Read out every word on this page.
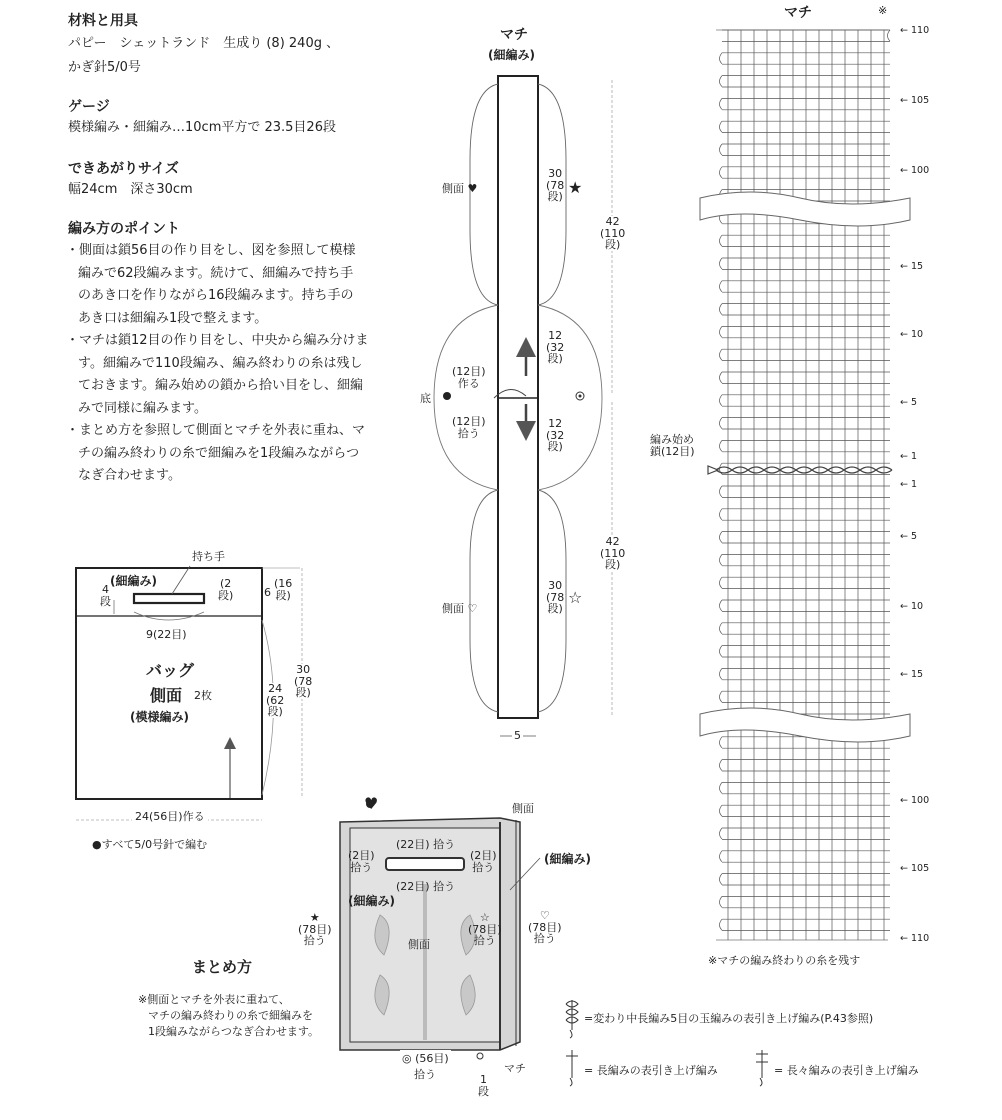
材料と用具
パピー　シェットランド　生成り (8) 240g 、
かぎ針5/0号
ゲージ
模様編み・細編み…10cm平方で 23.5目26段
できあがりサイズ
幅24cm　深さ30cm
編み方のポイント
・側面は鎖56目の作り目をし、図を参照して模様
編みで62段編みます。続けて、細編みで持ち手
のあき口を作りながら16段編みます。持ち手の
あき口は細編み1段で整えます。
・マチは鎖12目の作り目をし、中央から編み分けま
す。細編みで110段編み、編み終わりの糸は残し
ておきます。編み始めの鎖から拾い目をし、細編
みで同様に編みます。
・まとめ方を参照して側面とマチを外表に重ね、マ
チの編み終わりの糸で細編みを1段編みながらつ
なぎ合わせます。
持ち手
(細編み)
4
段
(2
段)	6
(16
段)
9(22目)
バッグ
側面 2枚
(模様編み)
30
(78
段)
24
(62
段)
24(56目)作る
●すべて5/0号針で編む
マチ
(細編み)
側面 ♥
底
側面 ♡
30
(78
段) ★
42
(110
段)
12
(32
段)
(12目)
作る
(12目)
拾う
12
(32
段)
42
(110
段)
30
(78
段)
☆
5
♥	側面
(22目) 拾う
(2目)
拾う
(2目)
拾う
(細編み)
(22目) 拾う
(細編み)
側面
★
(78目)
拾う
☆
(78目)
拾う
♡
(78目)
拾う
◎ (56目)
拾う	マチ
1
段
まとめ方
※側面とマチを外表に重ねて、
マチの編み終わりの糸で細編みを
1段編みながらつなぎ合わせます。
マチ	※
← 110
← 105
← 100
← 15
← 10
← 5
← 1
← 1
← 5
← 10
← 15
← 100
← 105
← 110
編み始め
鎖(12目)
※マチの編み終わりの糸を残す
=変わり中長編み5目の玉編みの表引き上げ編み(P.43参照)
= 長編みの表引き上げ編み	= 長々編みの表引き上げ編み
